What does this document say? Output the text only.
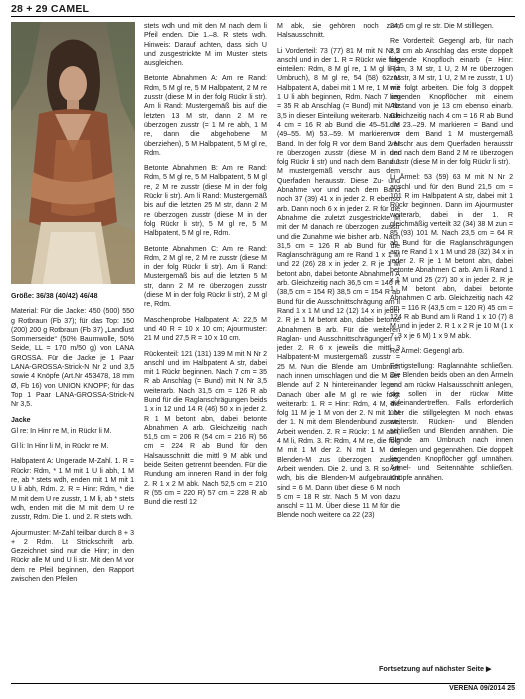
28 + 29 CAMEL

Größe: 36/38 (40/42) 46/48

Material: Für die Jacke: 450 (500) 550 g Rotbraun (Fb 37); für das Top: 150 (200) 200 g Rotbraun (Fb 37) „Landlust Sommerseide“ (50% Baumwolle, 50% Seide, LL = 170 m/50 g) von LANA GROSSA. Für die Jacke je 1 Paar LANA-GROSSA-Strick-N Nr 2 und 3,5 sowie 4 Knöpfe (Art.Nr 453478, 18 mm Ø, Fb 16) von UNION KNOPF; für das Top 1 Paar LANA-GROSSA-Strick-N Nr 3,5.

Jacke

Gl re: In Hinr re M, in Rückr li M.

Gl li: In Hinr li M, in Rückr re M.

Halbpatent A: Ungerade M-Zahl. 1. R = Rückr: Rdm, * 1 M mit 1 U li abh, 1 M re, ab * stets wdh, enden mit 1 M mit 1 U li abh, Rdm. 2. R = Hinr: Rdm, * die M mit dem U re zusstr, 1 M li, ab * stets wdh, enden mit die M mit dem U re zusstr, Rdm. Die 1. und 2. R stets wdh.

Ajourmuster: M-Zahl teilbar durch 8 + 3 + 2 Rdm. Lt Strickschrift arb. Gezeichnet sind nur die Hinr; in den Rückr alle M und U li str. Mit den M vor dem re Pfeil beginnen, den Rapport zwischen den Pfeilen

stets wdh und mit den M nach dem li Pfeil enden. Die 1.–8. R stets wdh. Hinweis: Darauf achten, dass sich U und zusgestrickte M im Muster stets ausgleichen.

Betonte Abnahmen A: Am re Rand: Rdm, 5 M gl re, 5 M Halbpatent, 2 M re zusstr (diese M in der folg Rückr li str). Am li Rand: Mustergemäß bis auf die letzten 13 M str, dann 2 M re überzogen zusstr (= 1 M re abh, 1 M re, dann die abgehobene M überziehen), 5 M Halbpatent, 5 M gl re, Rdm.

Betonte Abnahmen B: Am re Rand: Rdm, 5 M gl re, 5 M Halbpatent, 5 M gl re, 2 M re zusstr (diese M in der folg Rückr li str). Am li Rand: Mustergemäß bis auf die letzten 25 M str, dann 2 M re überzogen zusstr (diese M in der folg Rückr li str), 5 M gl re, 5 M Halbpatent, 5 M gl re, Rdm.

Betonte Abnahmen C: Am re Rand: Rdm, 2 M gl re, 2 M re zusstr (diese M in der folg Rückr li str). Am li Rand: Mustergemäß bis auf die letzten 5 M str, dann 2 M re überzogen zusstr (diese M in der folg Rückr li str), 2 M gl re, Rdm.

Maschenprobe Halbpatent A: 22,5 M und 40 R = 10 x 10 cm; Ajourmuster: 21 M und 27,5 R = 10 x 10 cm.

Rückenteil: 121 (131) 139 M mit N Nr 2 anschl und im Halbpatent A str, dabei mit 1 Rückr beginnen. Nach 7 cm = 35 R ab Anschlag (= Bund) mit N Nr 3,5 weiterarb. Nach 31,5 cm = 126 R ab Bund für die Raglanschrägungen beids 1 x in 12 und 14 R (46) 50 x in jeder 2. R 1 M betont abn, dabei betonte Abnahmen A arb. Gleichzeitig nach 51,5 cm = 206 R (54 cm = 216 R) 56 cm = 224 R ab Bund für den Halsausschnitt die mittl 9 M abk und beide Seiten getrennt beenden. Für die Rundung am inneren Rand in der folg 2. R 1 x 2 M abk. Nach 52,5 cm = 210 R (55 cm = 220 R) 57 cm = 228 R ab Bund die restl 12

M abk, sie gehören noch zum Halsausschnitt.

Li Vorderteil: 73 (77) 81 M mit N Nr 2 anschl und in der 1. R = Rückr wie folg einteilen: Rdm, 8 M gl re, 1 M gl li (= Umbruch), 8 M gl re, 54 (58) 62 M Halbpatent A, dabei mit 1 M re, 1 M mit 1 U li abh beginnen, Rdm. Nach 7 cm = 35 R ab Anschlag (= Bund) mit N Nr 3,5 in dieser Einteilung weiterarb. Nach 4 cm = 16 R ab Bund die 45–51. M (49–55. M) 53.–59. M markieren = Band. In der folg R vor dem Band 2 M re überzogen zusstr (diese M in der folg Rückr li str) und nach dem Band 1 M mustergemäß verschr aus dem Querfaden herausstr. Diese Zu- und Abnahme vor und nach dem Band noch 37 (39) 41 x in jeder 2. R ebenso arb. Dann noch 6 x in jeder 2. R für die Abnahme die zuletzt zusgestrickte M mit der M danach re überzogen zusstr und die Zunahme wie bisher arb. Nach 31,5 cm = 126 R ab Bund für die Raglanschrägung am re Rand 1 x 1 M und 22 (26) 28 x in jeder 2. R je 1 M betont abn, dabei betonte Abnahmen A arb. Gleichzeitig nach 36,5 cm = 146 R (38,5 cm = 154 R) 38,5 cm = 154 R ab Bund für die Ausschnittschrägung am li Rand 1 x 1 M und 12 (12) 14 x in jeder 2. R je 1 M betont abn, dabei betonte Abnahmen B arb. Für die weiteren Raglan- und Ausschnittschrägungen in jeder 2. R 6 x jeweils die mittl 3 Halbpatent-M mustergemäß zusstr = 25 M. Nun die Blende am Umbruch nach innen umschlagen und die M der Blende auf 2 N hintereinander legen. Danach über alle M gl re wie folgt weiterarb: 1. R = Hinr: Rdm, 4 M, die folg 11 M je 1 M von der 2. N mit 1 M der 1. N mit dem Blendenbund zusstr, Arbeit wenden. 2. R = Rückr: 1 M abh, 4 M li, Rdm. 3. R: Rdm, 4 M re, die folg M mit 1 M der 2. N mit 1 M der Blenden-M zus überzogen zusstr, Arbeit wenden. Die 2. und 3. R so oft wdh, bis die Blenden-M aufgebraucht sind = 6 M. Dann über diese 6 M noch 5 cm = 18 R str. Nach 5 M von dazu anschl = 11 M. Über diese 11 M für die Blende noch weitere ca 22 (23)

24,5 cm gl re str. Die M stilllegen.

Re Vorderteil: Gegengl arb, für nach 3,5 cm ab Anschlag das erste doppelt liegende Knopfloch einarb (= Hinr: Rdm, 3 M str, 1 U, 2 M re überzogen zusstr, 3 M str, 1 U, 2 M re zusstr, 1 U) wie folgt arbeiten. Die folg 3 doppelt liegenden Knopflöcher mit einem Abstand von je 13 cm ebenso einarb. Gleichzeitig nach 4 cm = 16 R ab Bund die 23.–29. M markieren = Band und vor dem Band 1 M mustergemäß verschr aus dem Querfaden herausstr und nach dem Band 2 M re überzogen zusstr (diese M in der folg Rückr li str).

Li Ärmel: 53 (59) 63 M mit N Nr 2 anschl und für den Bund 21,5 cm = 101 R im Halbpatent A str, dabei mit 1 Rückr beginnen. Dann im Ajourmuster weiterarb, dabei in der 1. R gleichmäßig verteilt 32 (34) 38 M zun = 85 (93) 101 M. Nach 23,5 cm = 64 R ab Bund für die Raglanschrägungen am re Rand 1 x 1 M und 28 (32) 34 x in jeder 2. R je 1 M betont abn, dabei betonte Abnahmen C arb. Am li Rand 1 x 1 M und 25 (27) 30 x in jeder 2. R je 1 M betont abn, dabei betonte Abnahmen C arb. Gleichzeitig nach 42 cm = 116 R (43,5 cm = 120 R) 45 cm = 124 R ab Bund am li Rand 1 x 10 (7) 8 M und in jeder 2. R 1 x 2 R je 10 M (1 x 7, 3 x je 6 M) 1 x 9 M abk.

Re Ärmel: Gegengl arb.

Fertigstellung: Raglannähte schließen. Die Blenden beids oben an den Ärmeln und am rückw Halsausschnitt anlegen, sie sollen in der rückw Mitte aufeinandertreffen. Falls erforderlich über die stillgelegten M noch etwas weiterstr. Rücken- und Blenden schließen und Blenden annähen. Die Blende am Umbruch nach innen umlegen und gegennähen. Die doppelt liegenden Knopflöcher ggf umnähen. Ärmel- und Seitennähte schließen. Knöpfe annähen.

Fortsetzung auf nächster Seite ▶
VERENA 09/2014 25
